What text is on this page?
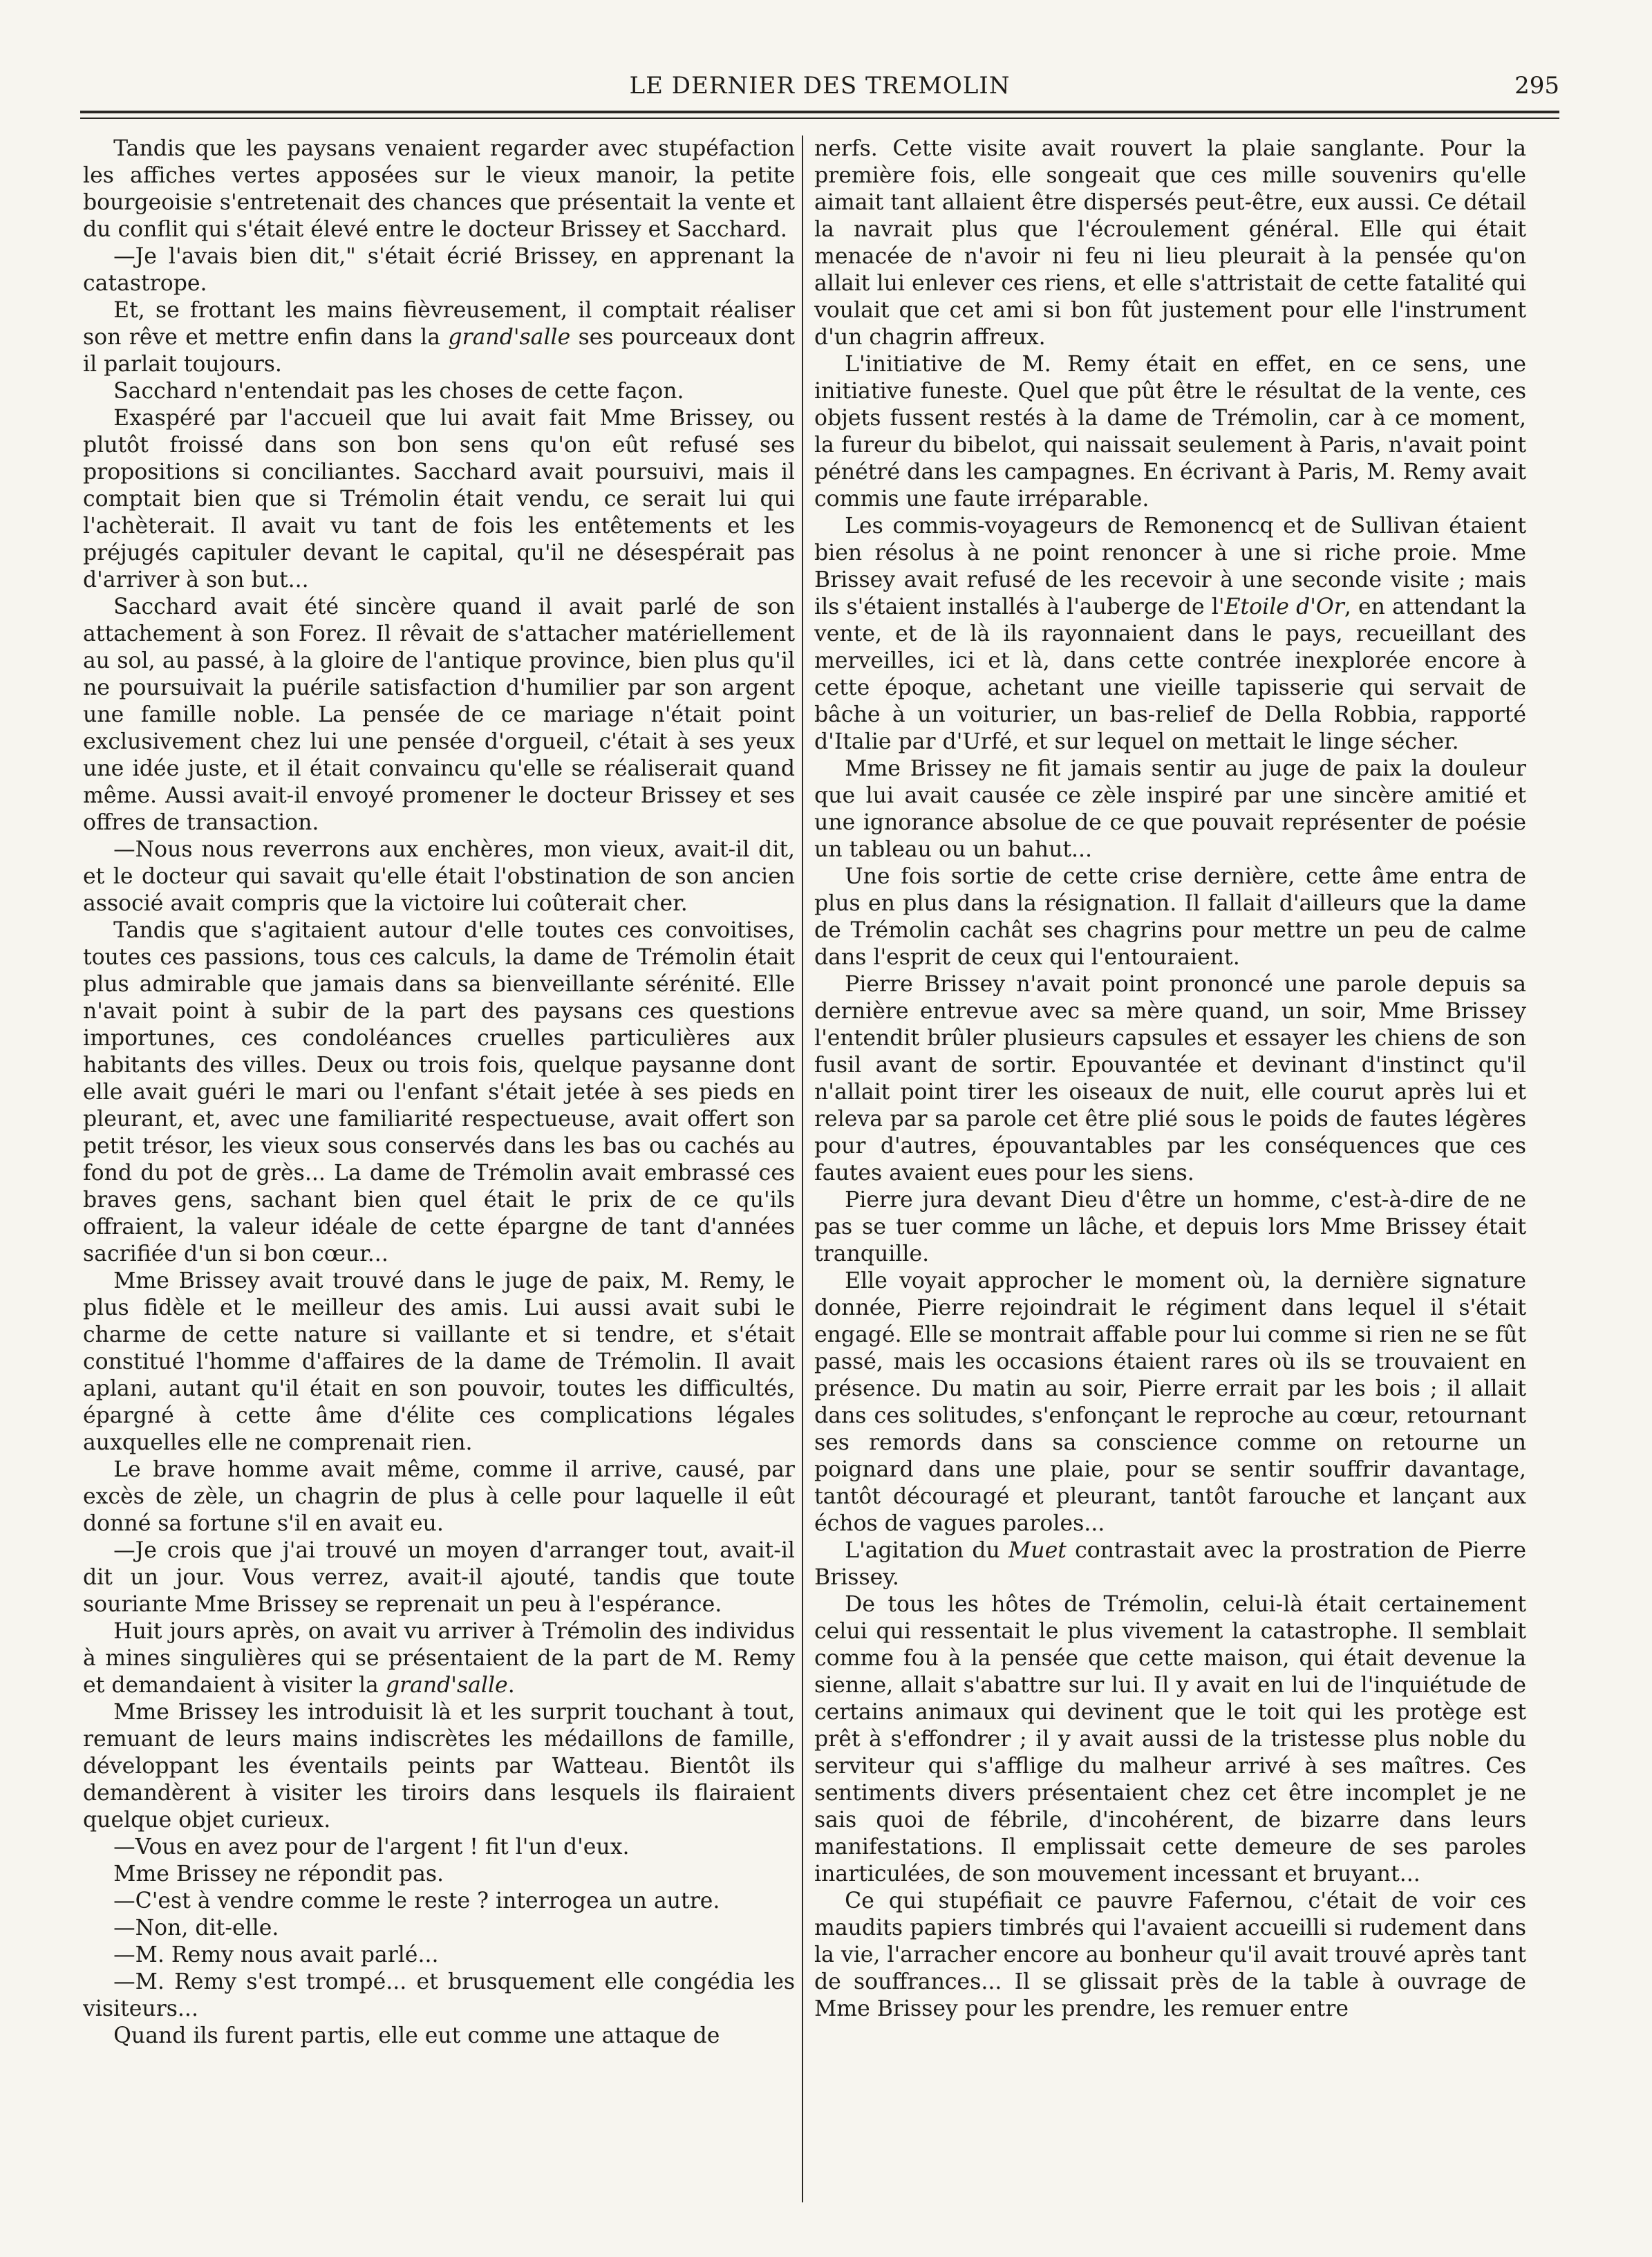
LE DERNIER DES TREMOLIN	295

Tandis que les paysans venaient regarder avec stupéfaction les affiches vertes apposées sur le vieux manoir, la petite bourgeoisie s'entretenait des chances que présentait la vente et du conflit qui s'était élevé entre le docteur Brissey et Sacchard.

—Je l'avais bien dit," s'était écrié Brissey, en apprenant la catastrope.

Et, se frottant les mains fièvreusement, il comptait réaliser son rêve et mettre enfin dans la grand'salle ses pourceaux dont il parlait toujours.

Sacchard n'entendait pas les choses de cette façon.

Exaspéré par l'accueil que lui avait fait Mme Brissey, ou plutôt froissé dans son bon sens qu'on eût refusé ses propositions si conciliantes. Sacchard avait poursuivi, mais il comptait bien que si Trémolin était vendu, ce serait lui qui l'achèterait. Il avait vu tant de fois les entêtements et les préjugés capituler devant le capital, qu'il ne désespérait pas d'arriver à son but...

Sacchard avait été sincère quand il avait parlé de son attachement à son Forez. Il rêvait de s'attacher matériellement au sol, au passé, à la gloire de l'antique province, bien plus qu'il ne poursuivait la puérile satisfaction d'humilier par son argent une famille noble. La pensée de ce mariage n'était point exclusivement chez lui une pensée d'orgueil, c'était à ses yeux une idée juste, et il était convaincu qu'elle se réaliserait quand même. Aussi avait-il envoyé promener le docteur Brissey et ses offres de transaction.

—Nous nous reverrons aux enchères, mon vieux, avait-il dit, et le docteur qui savait qu'elle était l'obstination de son ancien associé avait compris que la victoire lui coûterait cher.

Tandis que s'agitaient autour d'elle toutes ces convoitises, toutes ces passions, tous ces calculs, la dame de Trémolin était plus admirable que jamais dans sa bienveillante sérénité. Elle n'avait point à subir de la part des paysans ces questions importunes, ces condoléances cruelles particulières aux habitants des villes. Deux ou trois fois, quelque paysanne dont elle avait guéri le mari ou l'enfant s'était jetée à ses pieds en pleurant, et, avec une familiarité respectueuse, avait offert son petit trésor, les vieux sous conservés dans les bas ou cachés au fond du pot de grès... La dame de Trémolin avait embrassé ces braves gens, sachant bien quel était le prix de ce qu'ils offraient, la valeur idéale de cette épargne de tant d'années sacrifiée d'un si bon cœur...

Mme Brissey avait trouvé dans le juge de paix, M. Remy, le plus fidèle et le meilleur des amis. Lui aussi avait subi le charme de cette nature si vaillante et si tendre, et s'était constitué l'homme d'affaires de la dame de Trémolin. Il avait aplani, autant qu'il était en son pouvoir, toutes les difficultés, épargné à cette âme d'élite ces complications légales auxquelles elle ne comprenait rien.

Le brave homme avait même, comme il arrive, causé, par excès de zèle, un chagrin de plus à celle pour laquelle il eût donné sa fortune s'il en avait eu.

—Je crois que j'ai trouvé un moyen d'arranger tout, avait-il dit un jour. Vous verrez, avait-il ajouté, tandis que toute souriante Mme Brissey se reprenait un peu à l'espérance.

Huit jours après, on avait vu arriver à Trémolin des individus à mines singulières qui se présentaient de la part de M. Remy et demandaient à visiter la grand'salle.

Mme Brissey les introduisit là et les surprit touchant à tout, remuant de leurs mains indiscrètes les médaillons de famille, développant les éventails peints par Watteau. Bientôt ils demandèrent à visiter les tiroirs dans lesquels ils flairaient quelque objet curieux.

—Vous en avez pour de l'argent ! fit l'un d'eux.

Mme Brissey ne répondit pas.

—C'est à vendre comme le reste ? interrogea un autre.

—Non, dit-elle.

—M. Remy nous avait parlé...

—M. Remy s'est trompé... et brusquement elle congédia les visiteurs...

Quand ils furent partis, elle eut comme une attaque de

nerfs. Cette visite avait rouvert la plaie sanglante. Pour la première fois, elle songeait que ces mille souvenirs qu'elle aimait tant allaient être dispersés peut-être, eux aussi. Ce détail la navrait plus que l'écroulement général. Elle qui était menacée de n'avoir ni feu ni lieu pleurait à la pensée qu'on allait lui enlever ces riens, et elle s'attristait de cette fatalité qui voulait que cet ami si bon fût justement pour elle l'instrument d'un chagrin affreux.

L'initiative de M. Remy était en effet, en ce sens, une initiative funeste. Quel que pût être le résultat de la vente, ces objets fussent restés à la dame de Trémolin, car à ce moment, la fureur du bibelot, qui naissait seulement à Paris, n'avait point pénétré dans les campagnes. En écrivant à Paris, M. Remy avait commis une faute irréparable.

Les commis-voyageurs de Remonencq et de Sullivan étaient bien résolus à ne point renoncer à une si riche proie. Mme Brissey avait refusé de les recevoir à une seconde visite ; mais ils s'étaient installés à l'auberge de l'Etoile d'Or, en attendant la vente, et de là ils rayonnaient dans le pays, recueillant des merveilles, ici et là, dans cette contrée inexplorée encore à cette époque, achetant une vieille tapisserie qui servait de bâche à un voiturier, un bas-relief de Della Robbia, rapporté d'Italie par d'Urfé, et sur lequel on mettait le linge sécher.

Mme Brissey ne fit jamais sentir au juge de paix la douleur que lui avait causée ce zèle inspiré par une sincère amitié et une ignorance absolue de ce que pouvait représenter de poésie un tableau ou un bahut...

Une fois sortie de cette crise dernière, cette âme entra de plus en plus dans la résignation. Il fallait d'ailleurs que la dame de Trémolin cachât ses chagrins pour mettre un peu de calme dans l'esprit de ceux qui l'entouraient.

Pierre Brissey n'avait point prononcé une parole depuis sa dernière entrevue avec sa mère quand, un soir, Mme Brissey l'entendit brûler plusieurs capsules et essayer les chiens de son fusil avant de sortir. Epouvantée et devinant d'instinct qu'il n'allait point tirer les oiseaux de nuit, elle courut après lui et releva par sa parole cet être plié sous le poids de fautes légères pour d'autres, épouvantables par les conséquences que ces fautes avaient eues pour les siens.

Pierre jura devant Dieu d'être un homme, c'est-à-dire de ne pas se tuer comme un lâche, et depuis lors Mme Brissey était tranquille.

Elle voyait approcher le moment où, la dernière signature donnée, Pierre rejoindrait le régiment dans lequel il s'était engagé. Elle se montrait affable pour lui comme si rien ne se fût passé, mais les occasions étaient rares où ils se trouvaient en présence. Du matin au soir, Pierre errait par les bois ; il allait dans ces solitudes, s'enfonçant le reproche au cœur, retournant ses remords dans sa conscience comme on retourne un poignard dans une plaie, pour se sentir souffrir davantage, tantôt découragé et pleurant, tantôt farouche et lançant aux échos de vagues paroles...

L'agitation du Muet contrastait avec la prostration de Pierre Brissey.

De tous les hôtes de Trémolin, celui-là était certainement celui qui ressentait le plus vivement la catastrophe. Il semblait comme fou à la pensée que cette maison, qui était devenue la sienne, allait s'abattre sur lui. Il y avait en lui de l'inquiétude de certains animaux qui devinent que le toit qui les protège est prêt à s'effondrer ; il y avait aussi de la tristesse plus noble du serviteur qui s'afflige du malheur arrivé à ses maîtres. Ces sentiments divers présentaient chez cet être incomplet je ne sais quoi de fébrile, d'incohérent, de bizarre dans leurs manifestations. Il emplissait cette demeure de ses paroles inarticulées, de son mouvement incessant et bruyant...

Ce qui stupéfiait ce pauvre Fafernou, c'était de voir ces maudits papiers timbrés qui l'avaient accueilli si rudement dans la vie, l'arracher encore au bonheur qu'il avait trouvé après tant de souffrances... Il se glissait près de la table à ouvrage de Mme Brissey pour les prendre, les remuer entre
